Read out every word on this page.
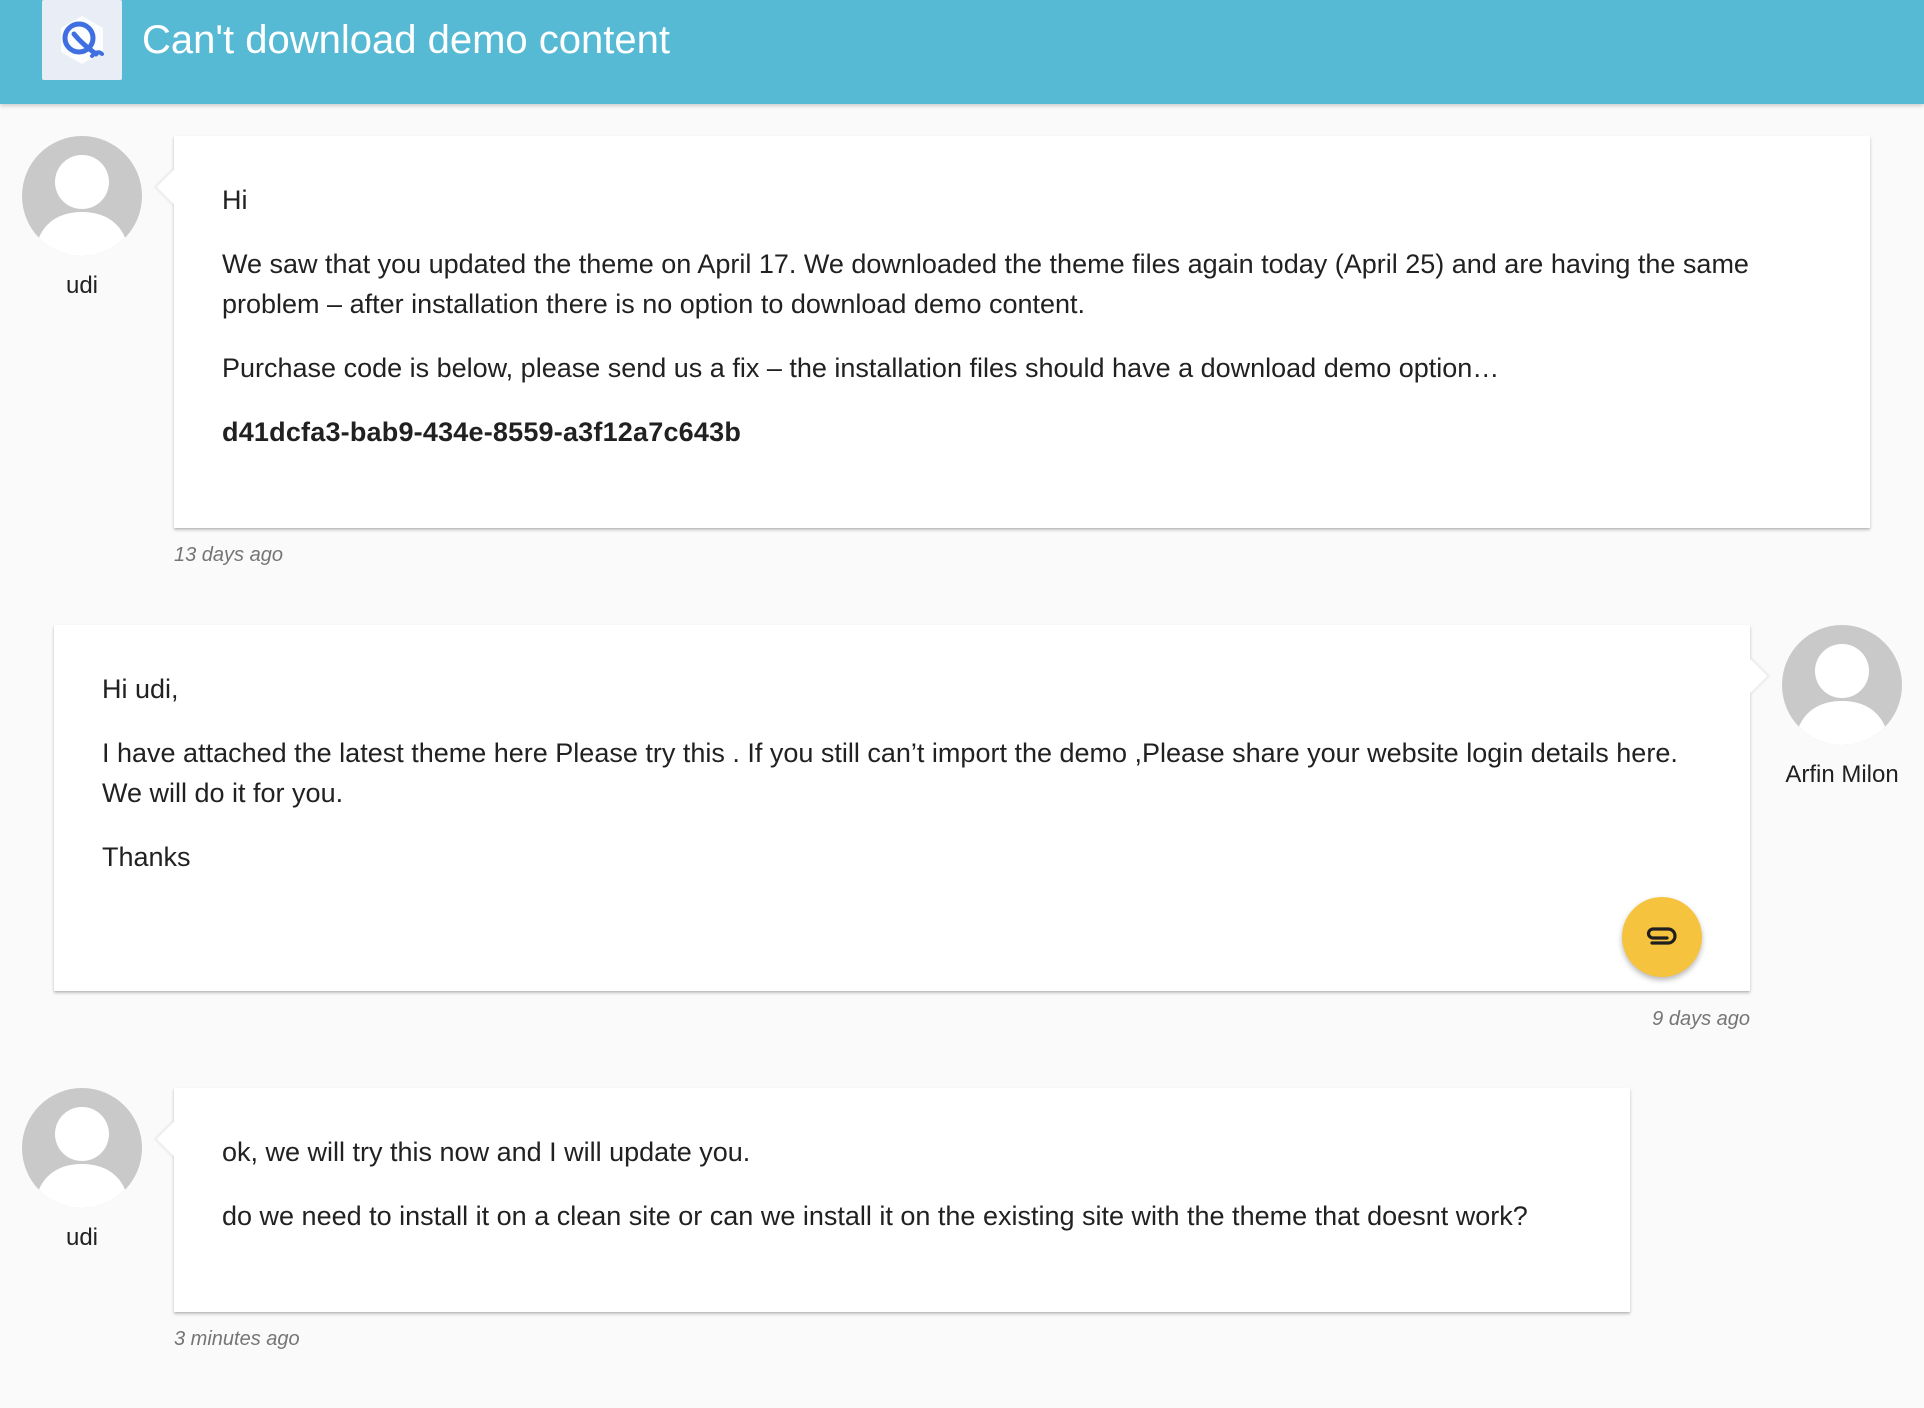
Can't download demo content
udi

Hi

We saw that you updated the theme on April 17. We downloaded the theme files again today (April 25) and are having the same problem – after installation there is no option to download demo content.

Purchase code is below, please send us a fix – the installation files should have a download demo option…

d41dcfa3-bab9-434e-8559-a3f12a7c643b

13 days ago

Hi udi,

I have attached the latest theme here Please try this . If you still can’t import the demo ,Please share your website login details here. We will do it for you.

Thanks

9 days ago
Arfin Milon
udi

ok, we will try this now and I will update you.

do we need to install it on a clean site or can we install it on the existing site with the theme that doesnt work?

3 minutes ago
